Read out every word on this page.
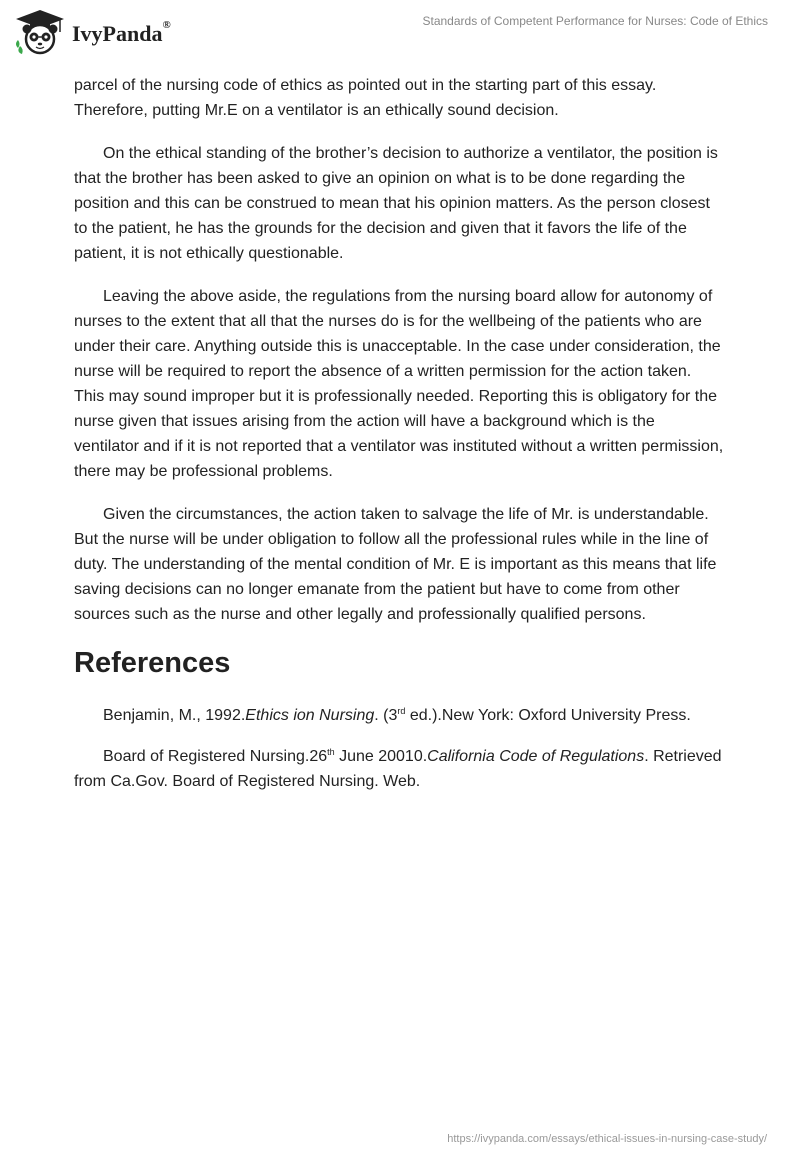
IvyPanda®	Standards of Competent Performance for Nurses: Code of Ethics

parcel of the nursing code of ethics as pointed out in the starting part of this essay. Therefore, putting Mr.E on a ventilator is an ethically sound decision.

On the ethical standing of the brother’s decision to authorize a ventilator, the position is that the brother has been asked to give an opinion on what is to be done regarding the position and this can be construed to mean that his opinion matters. As the person closest to the patient, he has the grounds for the decision and given that it favors the life of the patient, it is not ethically questionable.

Leaving the above aside, the regulations from the nursing board allow for autonomy of nurses to the extent that all that the nurses do is for the wellbeing of the patients who are under their care. Anything outside this is unacceptable. In the case under consideration, the nurse will be required to report the absence of a written permission for the action taken. This may sound improper but it is professionally needed. Reporting this is obligatory for the nurse given that issues arising from the action will have a background which is the ventilator and if it is not reported that a ventilator was instituted without a written permission, there may be professional problems.

Given the circumstances, the action taken to salvage the life of Mr. is understandable. But the nurse will be under obligation to follow all the professional rules while in the line of duty. The understanding of the mental condition of Mr. E is important as this means that life saving decisions can no longer emanate from the patient but have to come from other sources such as the nurse and other legally and professionally qualified persons.

References

Benjamin, M., 1992.Ethics ion Nursing. (3rd ed.).New York: Oxford University Press.

Board of Registered Nursing.26th June 20010.California Code of Regulations. Retrieved from Ca.Gov. Board of Registered Nursing. Web.

https://ivypanda.com/essays/ethical-issues-in-nursing-case-study/
